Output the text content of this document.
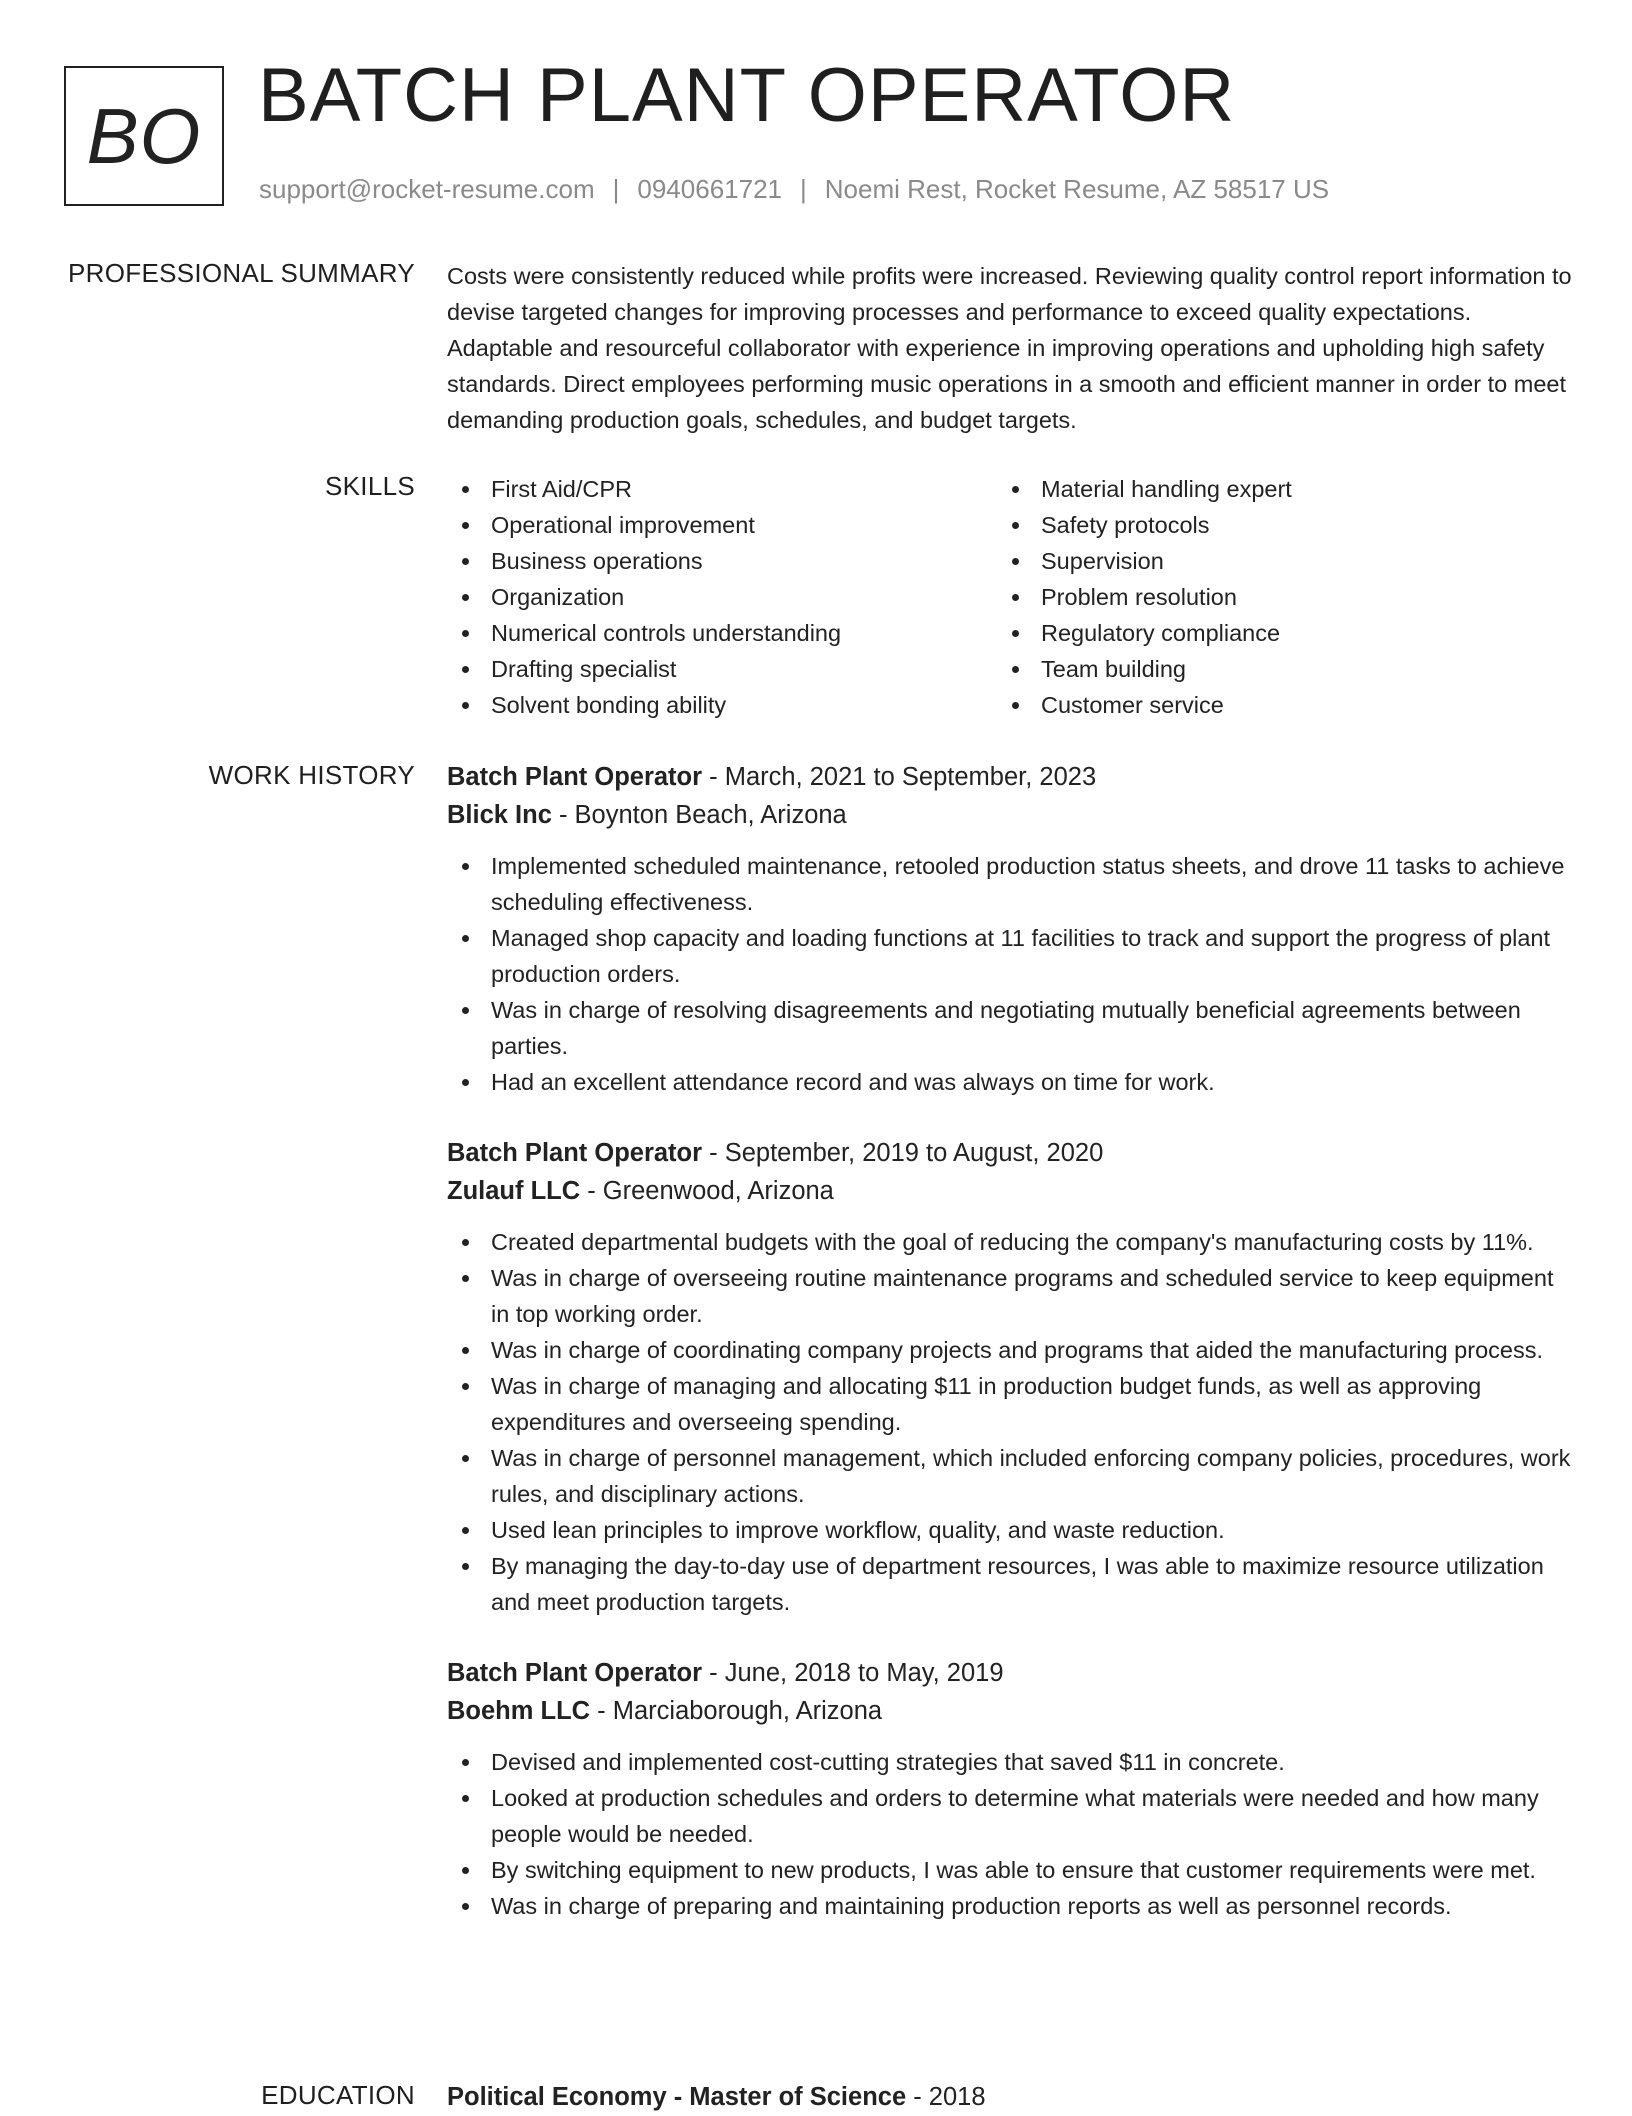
BO BATCH PLANT OPERATOR
support@rocket-resume.com | 0940661721 | Noemi Rest, Rocket Resume, AZ 58517 US
PROFESSIONAL SUMMARY Costs were consistently reduced while profits were increased. Reviewing quality control report information to devise targeted changes for improving processes and performance to exceed quality expectations. Adaptable and resourceful collaborator with experience in improving operations and upholding high safety standards. Direct employees performing music operations in a smooth and efficient manner in order to meet demanding production goals, schedules, and budget targets.

SKILLS	First Aid/CPR
Operational improvement
Business operations
Organization
Numerical controls understanding
Drafting specialist
Solvent bonding ability
Material handling expert
Safety protocols
Supervision
Problem resolution
Regulatory compliance
Team building
Customer service
WORK HISTORY Batch Plant Operator - March, 2021 to September, 2023
Blick Inc - Boynton Beach, Arizona
Implemented scheduled maintenance, retooled production status sheets, and drove 11 tasks to achieve scheduling effectiveness.
Managed shop capacity and loading functions at 11 facilities to track and support the progress of plant production orders.
Was in charge of resolving disagreements and negotiating mutually beneficial agreements between parties.
Had an excellent attendance record and was always on time for work.
Batch Plant Operator - September, 2019 to August, 2020
Zulauf LLC - Greenwood, Arizona
Created departmental budgets with the goal of reducing the company's manufacturing costs by 11%.
Was in charge of overseeing routine maintenance programs and scheduled service to keep equipment in top working order.
Was in charge of coordinating company projects and programs that aided the manufacturing process.
Was in charge of managing and allocating $11 in production budget funds, as well as approving expenditures and overseeing spending.
Was in charge of personnel management, which included enforcing company policies, procedures, work rules, and disciplinary actions.
Used lean principles to improve workflow, quality, and waste reduction.
By managing the day-to-day use of department resources, I was able to maximize resource utilization and meet production targets.
Batch Plant Operator - June, 2018 to May, 2019
Boehm LLC - Marciaborough, Arizona
Devised and implemented cost-cutting strategies that saved $11 in concrete.
Looked at production schedules and orders to determine what materials were needed and how many people would be needed.
By switching equipment to new products, I was able to ensure that customer requirements were met.
Was in charge of preparing and maintaining production reports as well as personnel records.
EDUCATION Political Economy - Master of Science - 2018
